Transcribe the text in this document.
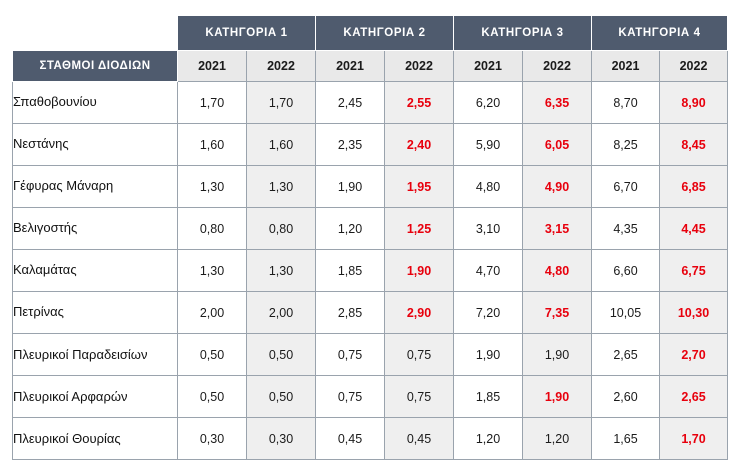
	ΚΑΤΗΓΟΡΙΑ 1		ΚΑΤΗΓΟΡΙΑ 2		ΚΑΤΗΓΟΡΙΑ 3		ΚΑΤΗΓΟΡΙΑ 4	
ΣΤΑΘΜΟΙ ΔΙΟΔΙΩΝ	2021	2022	2021	2022	2021	2022	2021	2022
Σπαθοβουνίου	1,70	1,70	2,45	2,55	6,20	6,35	8,70	8,90
Νεστάνης	1,60	1,60	2,35	2,40	5,90	6,05	8,25	8,45
Γέφυρας Μάναρη	1,30	1,30	1,90	1,95	4,80	4,90	6,70	6,85
Βελιγοστής	0,80	0,80	1,20	1,25	3,10	3,15	4,35	4,45
Καλαμάτας	1,30	1,30	1,85	1,90	4,70	4,80	6,60	6,75
Πετρίνας	2,00	2,00	2,85	2,90	7,20	7,35	10,05	10,30
Πλευρικοί Παραδεισίων	0,50	0,50	0,75	0,75	1,90	1,90	2,65	2,70
Πλευρικοί Αρφαρών	0,50	0,50	0,75	0,75	1,85	1,90	2,60	2,65
Πλευρικοί Θουρίας	0,30	0,30	0,45	0,45	1,20	1,20	1,65	1,70
